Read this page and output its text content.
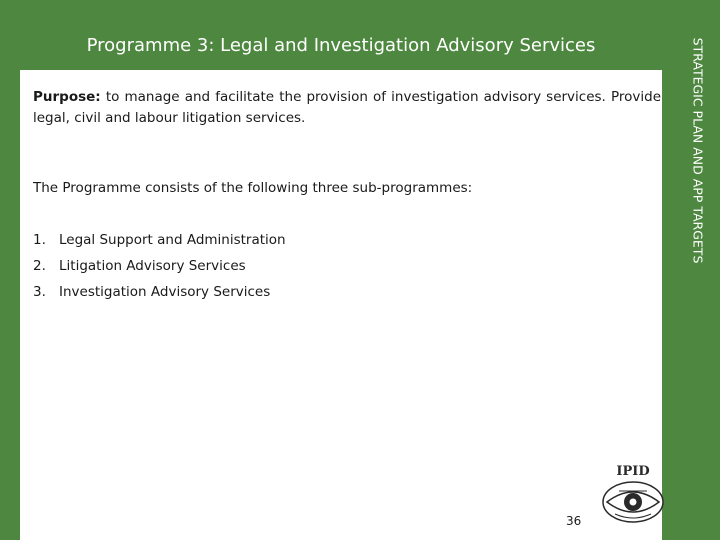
Programme 3: Legal and Investigation Advisory Services

Purpose: to manage and facilitate the provision of investigation advisory services. Provide legal, civil and labour litigation services.

The Programme consists of the following three sub-programmes:

1. Legal Support and Administration
2. Litigation Advisory Services
3. Investigation Advisory Services
36
IPID
STRATEGIC PLAN AND APP TARGETS
